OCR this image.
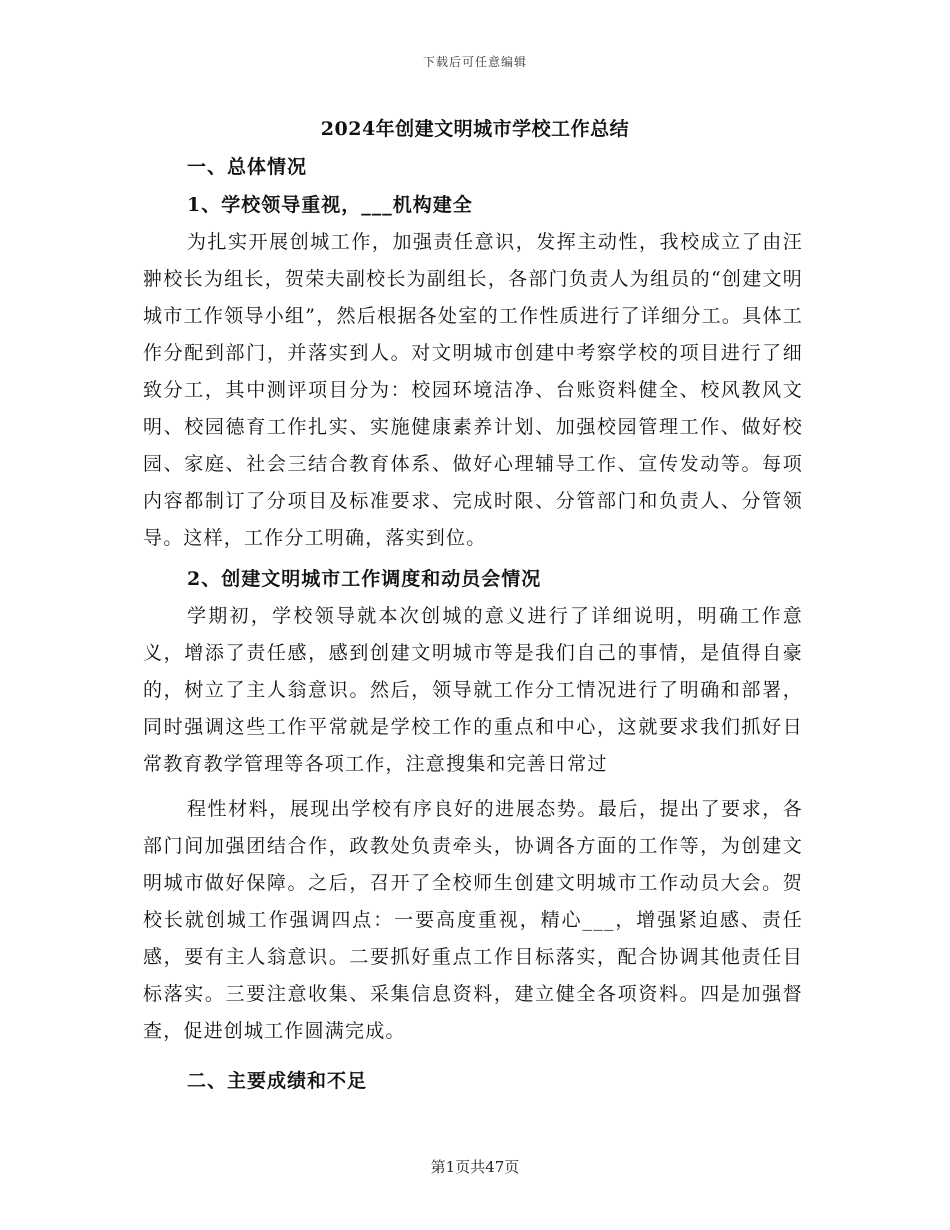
下载后可任意编辑
2024年创建文明城市学校工作总结
一、总体情况
1、学校领导重视，___机构建全

为扎实开展创城工作，加强责任意识，发挥主动性，我校成立了由汪翀校长为组长，贺荣夫副校长为副组长，各部门负责人为组员的“创建文明城市工作领导小组”，然后根据各处室的工作性质进行了详细分工。具体工作分配到部门，并落实到人。对文明城市创建中考察学校的项目进行了细致分工，其中测评项目分为：校园环境洁净、台账资料健全、校风教风文明、校园德育工作扎实、实施健康素养计划、加强校园管理工作、做好校园、家庭、社会三结合教育体系、做好心理辅导工作、宣传发动等。每项内容都制订了分项目及标准要求、完成时限、分管部门和负责人、分管领导。这样，工作分工明确，落实到位。

2、创建文明城市工作调度和动员会情况

学期初，学校领导就本次创城的意义进行了详细说明，明确工作意义，增添了责任感，感到创建文明城市等是我们自己的事情，是值得自豪的，树立了主人翁意识。然后，领导就工作分工情况进行了明确和部署，同时强调这些工作平常就是学校工作的重点和中心，这就要求我们抓好日常教育教学管理等各项工作，注意搜集和完善日常过

程性材料，展现出学校有序良好的进展态势。最后，提出了要求，各部门间加强团结合作，政教处负责牵头，协调各方面的工作等，为创建文明城市做好保障。之后，召开了全校师生创建文明城市工作动员大会。贺校长就创城工作强调四点：一要高度重视，精心___，增强紧迫感、责任感，要有主人翁意识。二要抓好重点工作目标落实，配合协调其他责任目标落实。三要注意收集、采集信息资料，建立健全各项资料。四是加强督查，促进创城工作圆满完成。

二、主要成绩和不足
第1页共47页
